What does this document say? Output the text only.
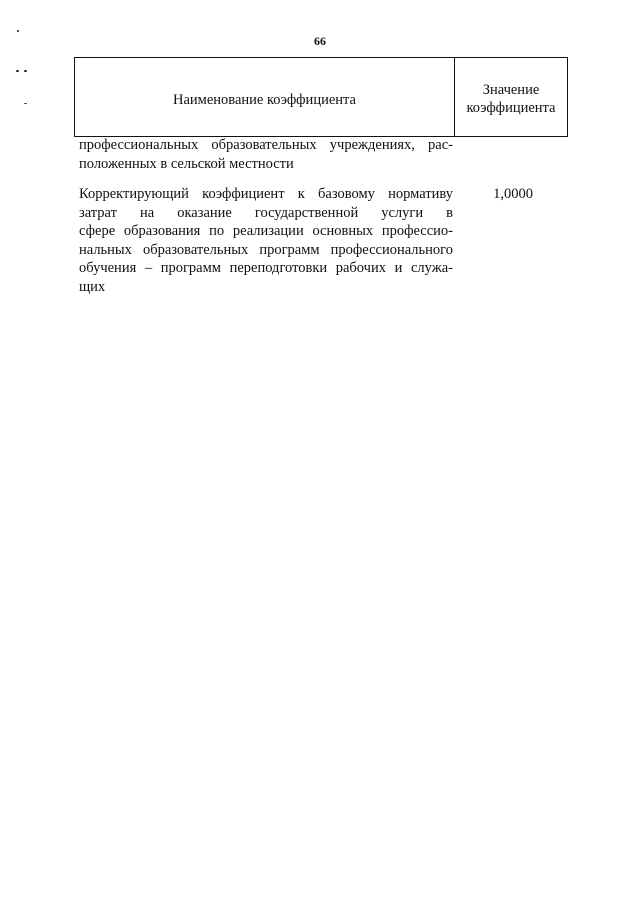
66
Наименование коэффициента
Значение
коэффициента
профессиональных образовательных учреждениях, рас-
положенных в сельской местности
Корректирующий коэффициент к базовому нормативу
затрат на оказание государственной услуги в
сфере образования по реализации основных профессио-
нальных образовательных программ профессионального
обучения – программ переподготовки рабочих и служа-
щих
1,0000
